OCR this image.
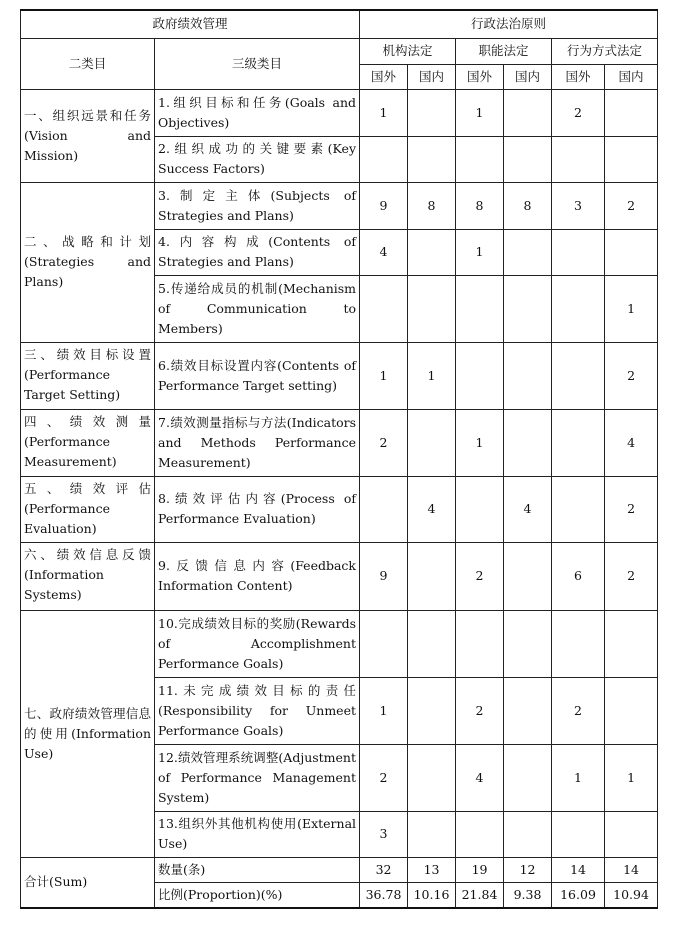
政府绩效管理		行政法治原则					
二类目	三级类目	机构法定		职能法定		行为方式法定	
		国外	国内	国外	国内	国外	国内
一、组织远景和任务(Vision and Mission)	1.组织目标和任务(Goals and Objectives)	1		1		2	
	2.组织成功的关键要素(Key Success Factors)						
二、战略和计划(Strategies and Plans)	3.制定主体(Subjects of Strategies and Plans)	9	8	8	8	3	2
	4.内容构成(Contents of Strategies and Plans)	4		1			
	5.传递给成员的机制(Mechanism of Communication to Members)						1
三、绩效目标设置(Performance Target Setting)	6.绩效目标设置内容(Contents of Performance Target setting)	1	1				2
四、绩效测量(Performance Measurement)	7.绩效测量指标与方法(Indicators and Methods Performance Measurement)	2		1			4
五、绩效评估(Performance Evaluation)	8.绩效评估内容(Process of Performance Evaluation)		4		4		2
六、绩效信息反馈(Information Systems)	9.反馈信息内容(Feedback Information Content)	9		2		6	2
七、政府绩效管理信息的使用(Information Use)	10.完成绩效目标的奖励(Rewards of Accomplishment Performance Goals)						
	11.未完成绩效目标的责任(Responsibility for Unmeet Performance Goals)	1		2		2	
	12.绩效管理系统调整(Adjustment of Performance Management System)	2		4		1	1
	13.组织外其他机构使用(External Use)	3					
合计(Sum)	数量(条)	32	13	19	12	14	14
	比例(Proportion)(%)	36.78	10.16	21.84	9.38	16.09	10.94
